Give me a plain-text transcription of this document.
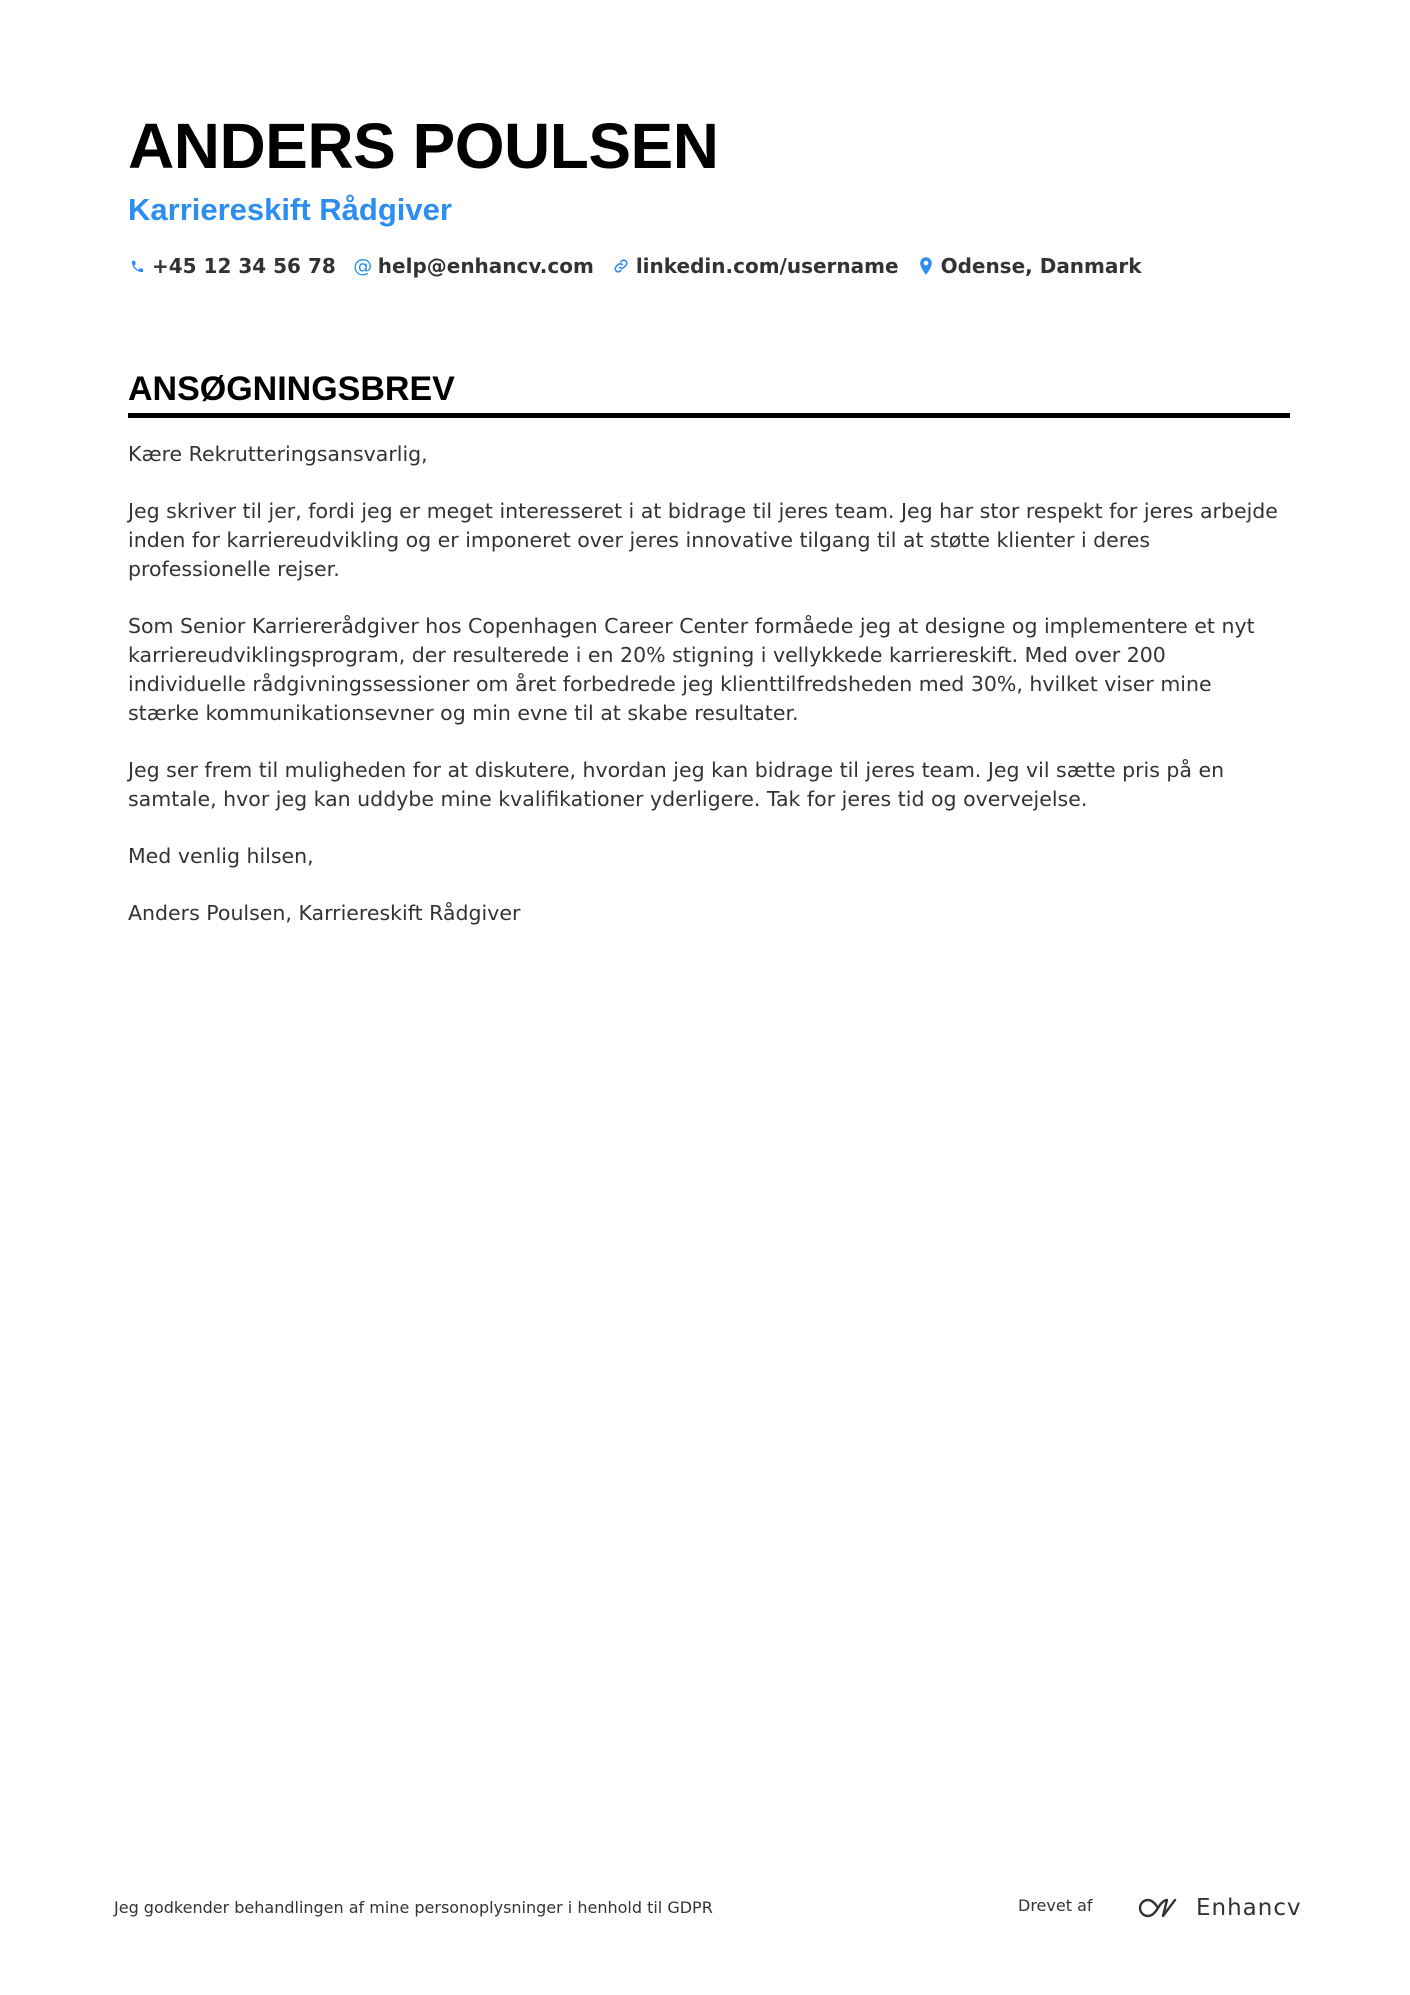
ANDERS POULSEN
Karriereskift Rådgiver
+45 12 34 56 78 @ help@enhancv.com linkedin.com/username Odense, Danmark
ANSØGNINGSBREV

Kære Rekrutteringsansvarlig,

Jeg skriver til jer, fordi jeg er meget interesseret i at bidrage til jeres team. Jeg har stor respekt for jeres arbejde inden for karriereudvikling og er imponeret over jeres innovative tilgang til at støtte klienter i deres professionelle rejser.

Som Senior Karriererådgiver hos Copenhagen Career Center formåede jeg at designe og implementere et nyt karriereudviklingsprogram, der resulterede i en 20% stigning i vellykkede karriereskift. Med over 200 individuelle rådgivningssessioner om året forbedrede jeg klienttilfredsheden med 30%, hvilket viser mine stærke kommunikationsevner og min evne til at skabe resultater.

Jeg ser frem til muligheden for at diskutere, hvordan jeg kan bidrage til jeres team. Jeg vil sætte pris på en samtale, hvor jeg kan uddybe mine kvalifikationer yderligere. Tak for jeres tid og overvejelse.

Med venlig hilsen,

Anders Poulsen, Karriereskift Rådgiver

Jeg godkender behandlingen af mine personoplysninger i henhold til GDPR	Drevet af	Enhancv
